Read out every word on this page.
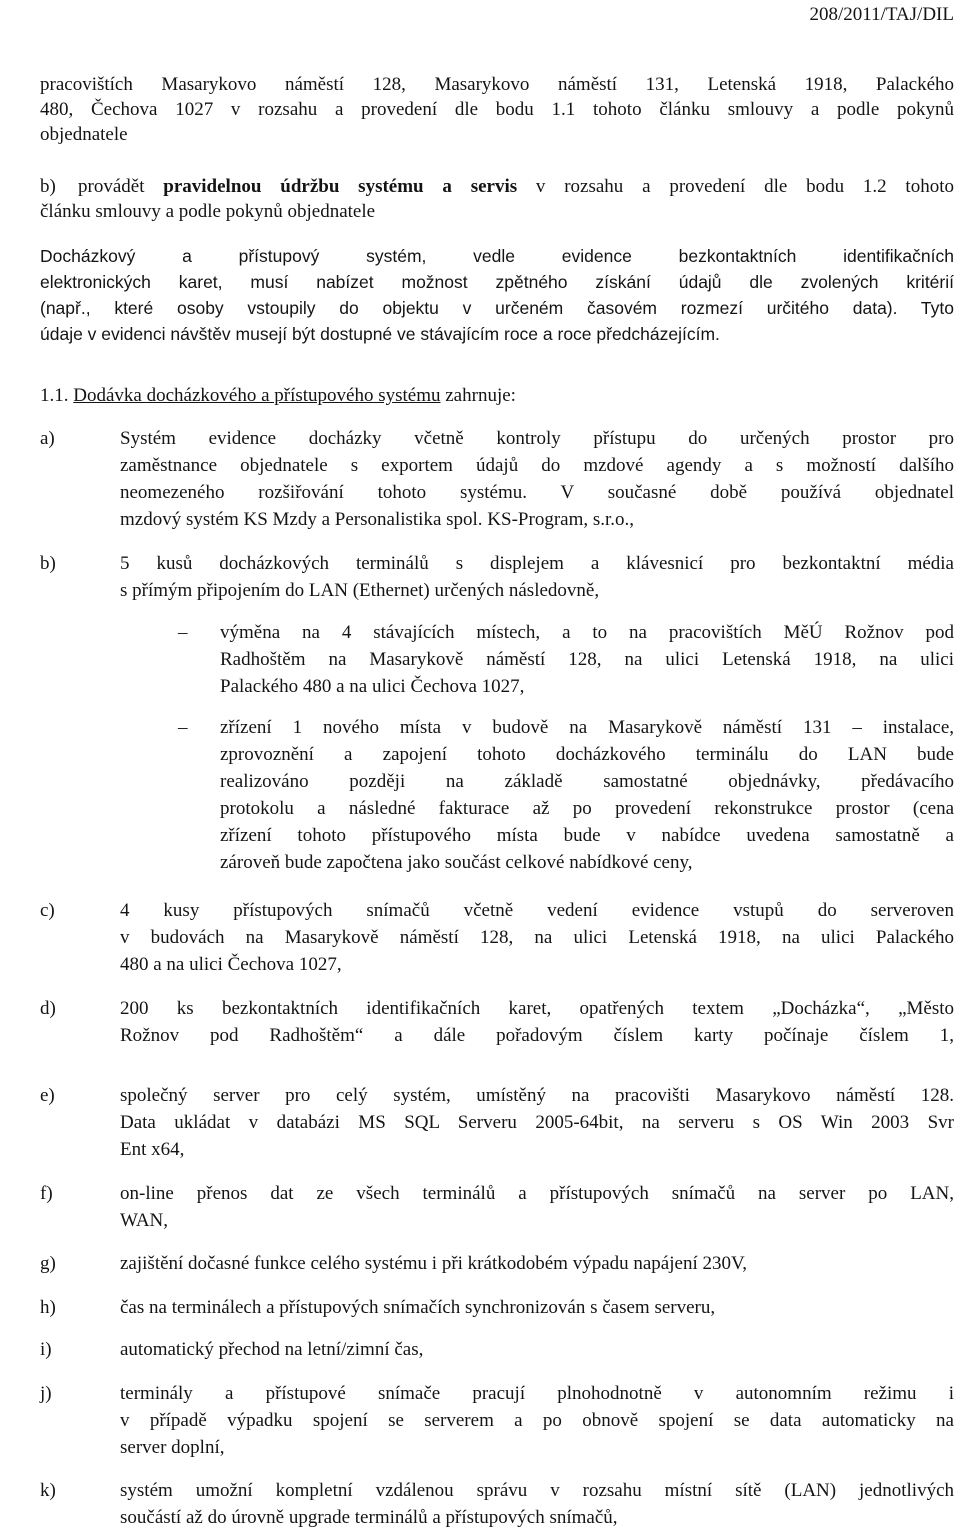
208/2011/TAJ/DIL
pracovištích Masarykovo náměstí 128, Masarykovo náměstí 131, Letenská 1918, Palackého
480, Čechova 1027 v rozsahu a provedení dle bodu 1.1 tohoto článku smlouvy a podle pokynů
objednatele
b) provádět pravidelnou údržbu systému a servis v rozsahu a provedení dle bodu 1.2 tohoto
článku smlouvy a podle pokynů objednatele
Docházkový a přístupový systém, vedle evidence bezkontaktních identifikačních
elektronických karet, musí nabízet možnost zpětného získání údajů dle zvolených kritérií
(např., které osoby vstoupily do objektu v určeném časovém rozmezí určitého data). Tyto
údaje v evidenci návštěv musejí být dostupné ve stávajícím roce a roce předcházejícím.
1.1. Dodávka docházkového a přístupového systému zahrnuje:
a)	Systém evidence docházky včetně kontroly přístupu do určených prostor pro
zaměstnance objednatele s exportem údajů do mzdové agendy a s možností dalšího
neomezeného rozšiřování tohoto systému. V současné době používá objednatel
mzdový systém KS Mzdy a Personalistika spol. KS-Program, s.r.o.,
b)	5 kusů docházkových terminálů s displejem a klávesnicí pro bezkontaktní média
s přímým připojením do LAN (Ethernet) určených následovně,
– výměna na 4 stávajících místech, a to na pracovištích MěÚ Rožnov pod
Radhoštěm na Masarykově náměstí 128, na ulici Letenská 1918, na ulici
Palackého 480 a na ulici Čechova 1027,
– zřízení 1 nového místa v budově na Masarykově náměstí 131 – instalace,
zprovoznění a zapojení tohoto docházkového terminálu do LAN bude
realizováno později na základě samostatné objednávky, předávacího
protokolu a následné fakturace až po provedení rekonstrukce prostor (cena
zřízení tohoto přístupového místa bude v nabídce uvedena samostatně a
zároveň bude započtena jako součást celkové nabídkové ceny,
c)	4 kusy přístupových snímačů včetně vedení evidence vstupů do serveroven
v budovách na Masarykově náměstí 128, na ulici Letenská 1918, na ulici Palackého
480 a na ulici Čechova 1027,
d)	200 ks bezkontaktních identifikačních karet, opatřených textem „Docházka“, „Město
Rožnov pod Radhoštěm“ a dále pořadovým číslem karty počínaje číslem 1,
e)	společný server pro celý systém, umístěný na pracovišti Masarykovo náměstí 128.
Data ukládat v databázi MS SQL Serveru 2005-64bit, na serveru s OS Win 2003 Svr
Ent x64,
f)	on-line přenos dat ze všech terminálů a přístupových snímačů na server po LAN,
WAN,
g)	zajištění dočasné funkce celého systému i při krátkodobém výpadu napájení 230V,
h)	čas na terminálech a přístupových snímačích synchronizován s časem serveru,
i)	automatický přechod na letní/zimní čas,
j)	terminály a přístupové snímače pracují plnohodnotně v autonomním režimu i
v případě výpadku spojení se serverem a po obnově spojení se data automaticky na
server doplní,
k)	systém umožní kompletní vzdálenou správu v rozsahu místní sítě (LAN) jednotlivých
součástí až do úrovně upgrade terminálů a přístupových snímačů,
